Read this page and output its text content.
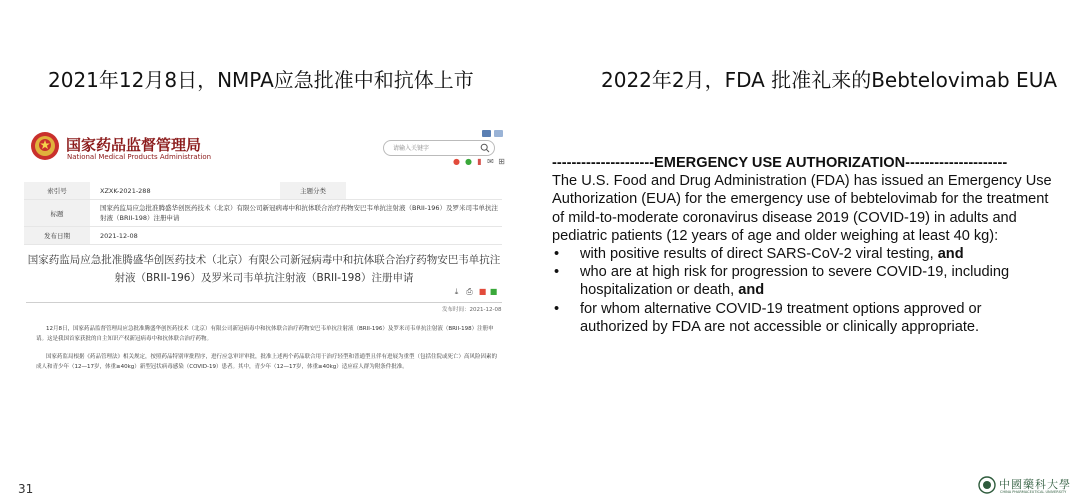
2021年12月8日，NMPA应急批准中和抗体上市	2022年2月，FDA 批准礼来的Bebtelovimab EUA
国家药品监督管理局
National Medical Products Administration
请输入关键字
● ● ▮ ✉ ⊞
索引号	XZXK-2021-288	主题分类	
标题	国家药监局应急批准腾盛华创医药技术（北京）有限公司新冠病毒中和抗体联合治疗药物安巴韦单抗注射液（BRII-196）及罗米司韦单抗注射液（BRII-198）注册申请		
发布日期	2021-12-08		
国家药监局应急批准腾盛华创医药技术（北京）有限公司新冠病毒中和抗体联合治疗药物安巴韦单抗注射液（BRII-196）及罗米司韦单抗注射液（BRII-198）注册申请
⤓	⎙ ■ ■
发布时间：2021-12-08
12月8日，国家药品监督管理局应急批准腾盛华创医药技术（北京）有限公司新冠病毒中和抗体联合治疗药物安巴韦单抗注射液（BRII-196）及罗米司韦单抗注射液（BRII-198）注册申请。这是我国首家获批的自主知识产权新冠病毒中和抗体联合治疗药物。
国家药监局根据《药品管理法》相关规定，按照药品特别审批程序，进行应急审评审批，批准上述两个药品联合用于治疗轻型和普通型且伴有进展为重型（包括住院或死亡）高风险因素的成人和青少年（12—17岁，体重≥40kg）新型冠状病毒感染（COVID-19）患者。其中，青少年（12—17岁，体重≥40kg）适应症人群为附条件批准。
---------------------EMERGENCY USE AUTHORIZATION---------------------

The U.S. Food and Drug Administration (FDA) has issued an Emergency Use Authorization (EUA) for the emergency use of bebtelovimab for the treatment of mild-to-moderate coronavirus disease 2019 (COVID-19) in adults and pediatric patients (12 years of age and older weighing at least 40 kg):

• with positive results of direct SARS-CoV-2 viral testing, and
• who are at high risk for progression to severe COVID-19, including hospitalization or death, and
• for whom alternative COVID-19 treatment options approved or authorized by FDA are not accessible or clinically appropriate.
31	中國藥科大學
CHINA PHARMACEUTICAL UNIVERSITY
